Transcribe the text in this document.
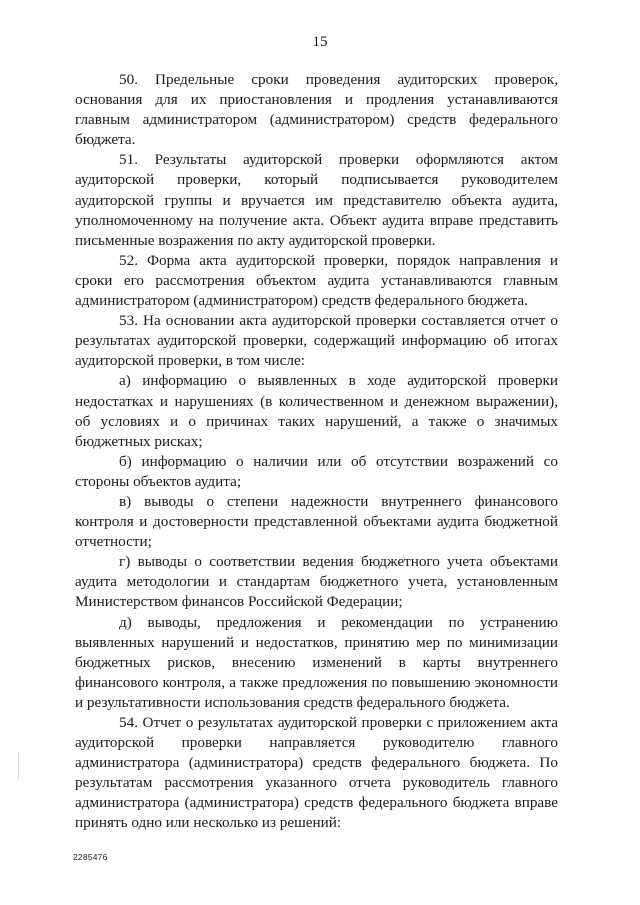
15

50. Предельные сроки проведения аудиторских проверок, основания для их приостановления и продления устанавливаются главным администратором (администратором) средств федерального бюджета.

51. Результаты аудиторской проверки оформляются актом аудиторской проверки, который подписывается руководителем аудиторской группы и вручается им представителю объекта аудита, уполномоченному на получение акта. Объект аудита вправе представить письменные возражения по акту аудиторской проверки.

52. Форма акта аудиторской проверки, порядок направления и сроки его рассмотрения объектом аудита устанавливаются главным администратором (администратором) средств федерального бюджета.

53. На основании акта аудиторской проверки составляется отчет о результатах аудиторской проверки, содержащий информацию об итогах аудиторской проверки, в том числе:

а) информацию о выявленных в ходе аудиторской проверки недостатках и нарушениях (в количественном и денежном выражении), об условиях и о причинах таких нарушений, а также о значимых бюджетных рисках;

б) информацию о наличии или об отсутствии возражений со стороны объектов аудита;

в) выводы о степени надежности внутреннего финансового контроля и достоверности представленной объектами аудита бюджетной отчетности;

г) выводы о соответствии ведения бюджетного учета объектами аудита методологии и стандартам бюджетного учета, установленным Министерством финансов Российской Федерации;

д) выводы, предложения и рекомендации по устранению выявленных нарушений и недостатков, принятию мер по минимизации бюджетных рисков, внесению изменений в карты внутреннего финансового контроля, а также предложения по повышению экономности и результативности использования средств федерального бюджета.

54. Отчет о результатах аудиторской проверки с приложением акта аудиторской проверки направляется руководителю главного администратора (администратора) средств федерального бюджета. По результатам рассмотрения указанного отчета руководитель главного администратора (администратора) средств федерального бюджета вправе принять одно или несколько из решений:

2285476
